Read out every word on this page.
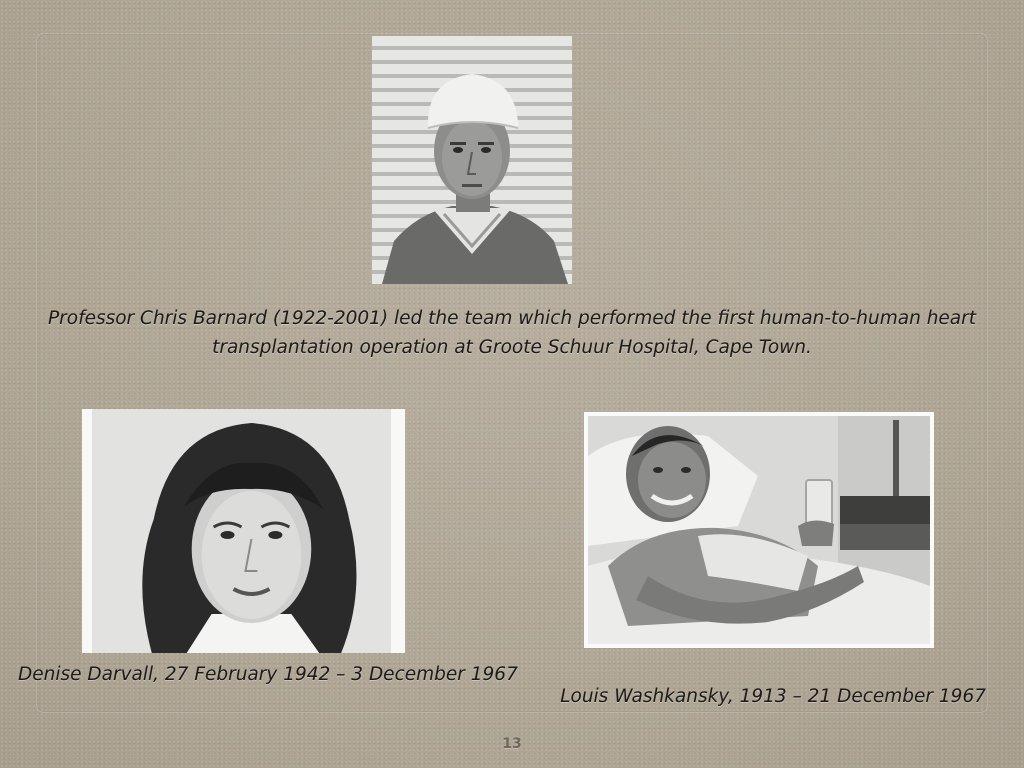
Professor Chris Barnard (1922-2001) led the team which performed the first human-to-human heart transplantation operation at Groote Schuur Hospital, Cape Town.

Denise Darvall, 27 February 1942 – 3 December 1967

Louis Washkansky, 1913 – 21 December 1967

13
